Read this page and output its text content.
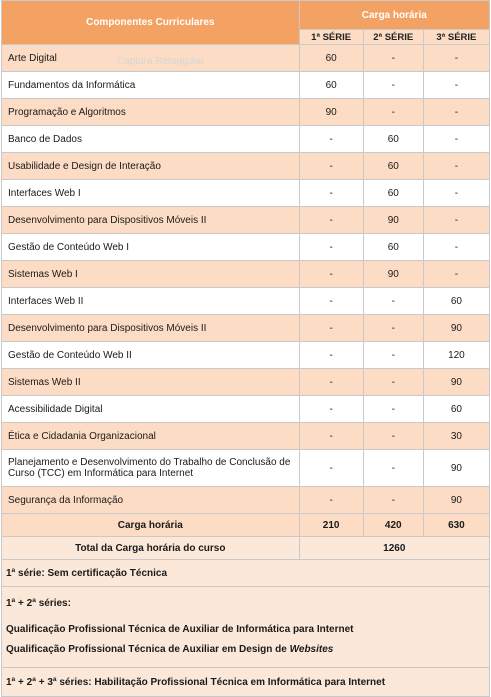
Componentes Curriculares	Carga horária		
	1ª SÉRIE	2ª SÉRIE	3ª SÉRIE
Arte Digital	60	-	-
Fundamentos da Informática	60	-	-
Programação e Algoritmos	90	-	-
Banco de Dados	-	60	-
Usabilidade e Design de Interação	-	60	-
Interfaces Web I	-	60	-
Desenvolvimento para Dispositivos Móveis II	-	90	-
Gestão de Conteúdo Web I	-	60	-
Sistemas Web I	-	90	-
Interfaces Web II	-	-	60
Desenvolvimento para Dispositivos Móveis II	-	-	90
Gestão de Conteúdo Web II	-	-	120
Sistemas Web II	-	-	90
Acessibilidade Digital	-	-	60
Ética e Cidadania Organizacional	-	-	30
Planejamento e Desenvolvimento do Trabalho de Conclusão de Curso (TCC) em Informática para Internet	-	-	90
Segurança da Informação	-	-	90
Carga horária	210	420	630
Total da Carga horária do curso	1260		
1ª série: Sem certificação Técnica			

1ª + 2ª séries:
Qualificação Profissional Técnica de Auxiliar de Informática para Internet
Qualificação Profissional Técnica de Auxiliar em Design de Websites			

1ª + 2ª + 3ª séries: Habilitação Profissional Técnica em Informática para Internet			
Captura Retangular
